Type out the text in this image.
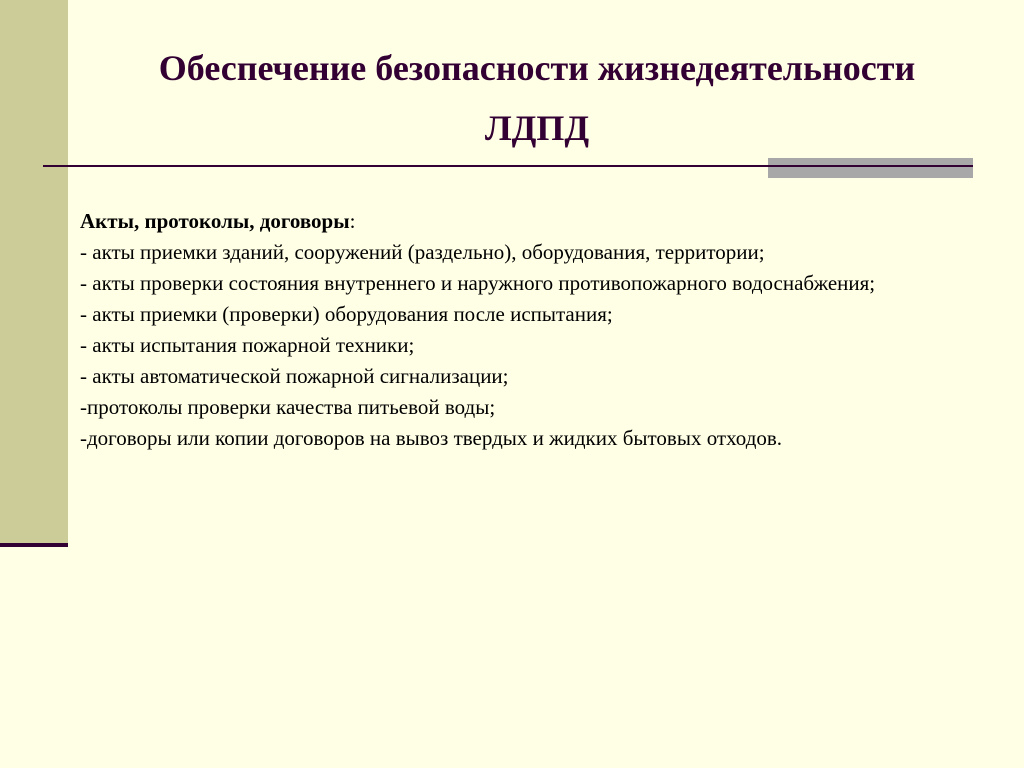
Обеспечение безопасности жизнедеятельности
ЛДПД
Акты, протоколы, договоры:
- акты приемки зданий, сооружений (раздельно), оборудования, территории;
- акты проверки состояния внутреннего и наружного противопожарного водоснабжения;
- акты приемки (проверки) оборудования после испытания;
- акты испытания пожарной техники;
- акты автоматической пожарной сигнализации;
-протоколы проверки качества питьевой воды;
-договоры или копии договоров на вывоз твердых и жидких бытовых отходов.
